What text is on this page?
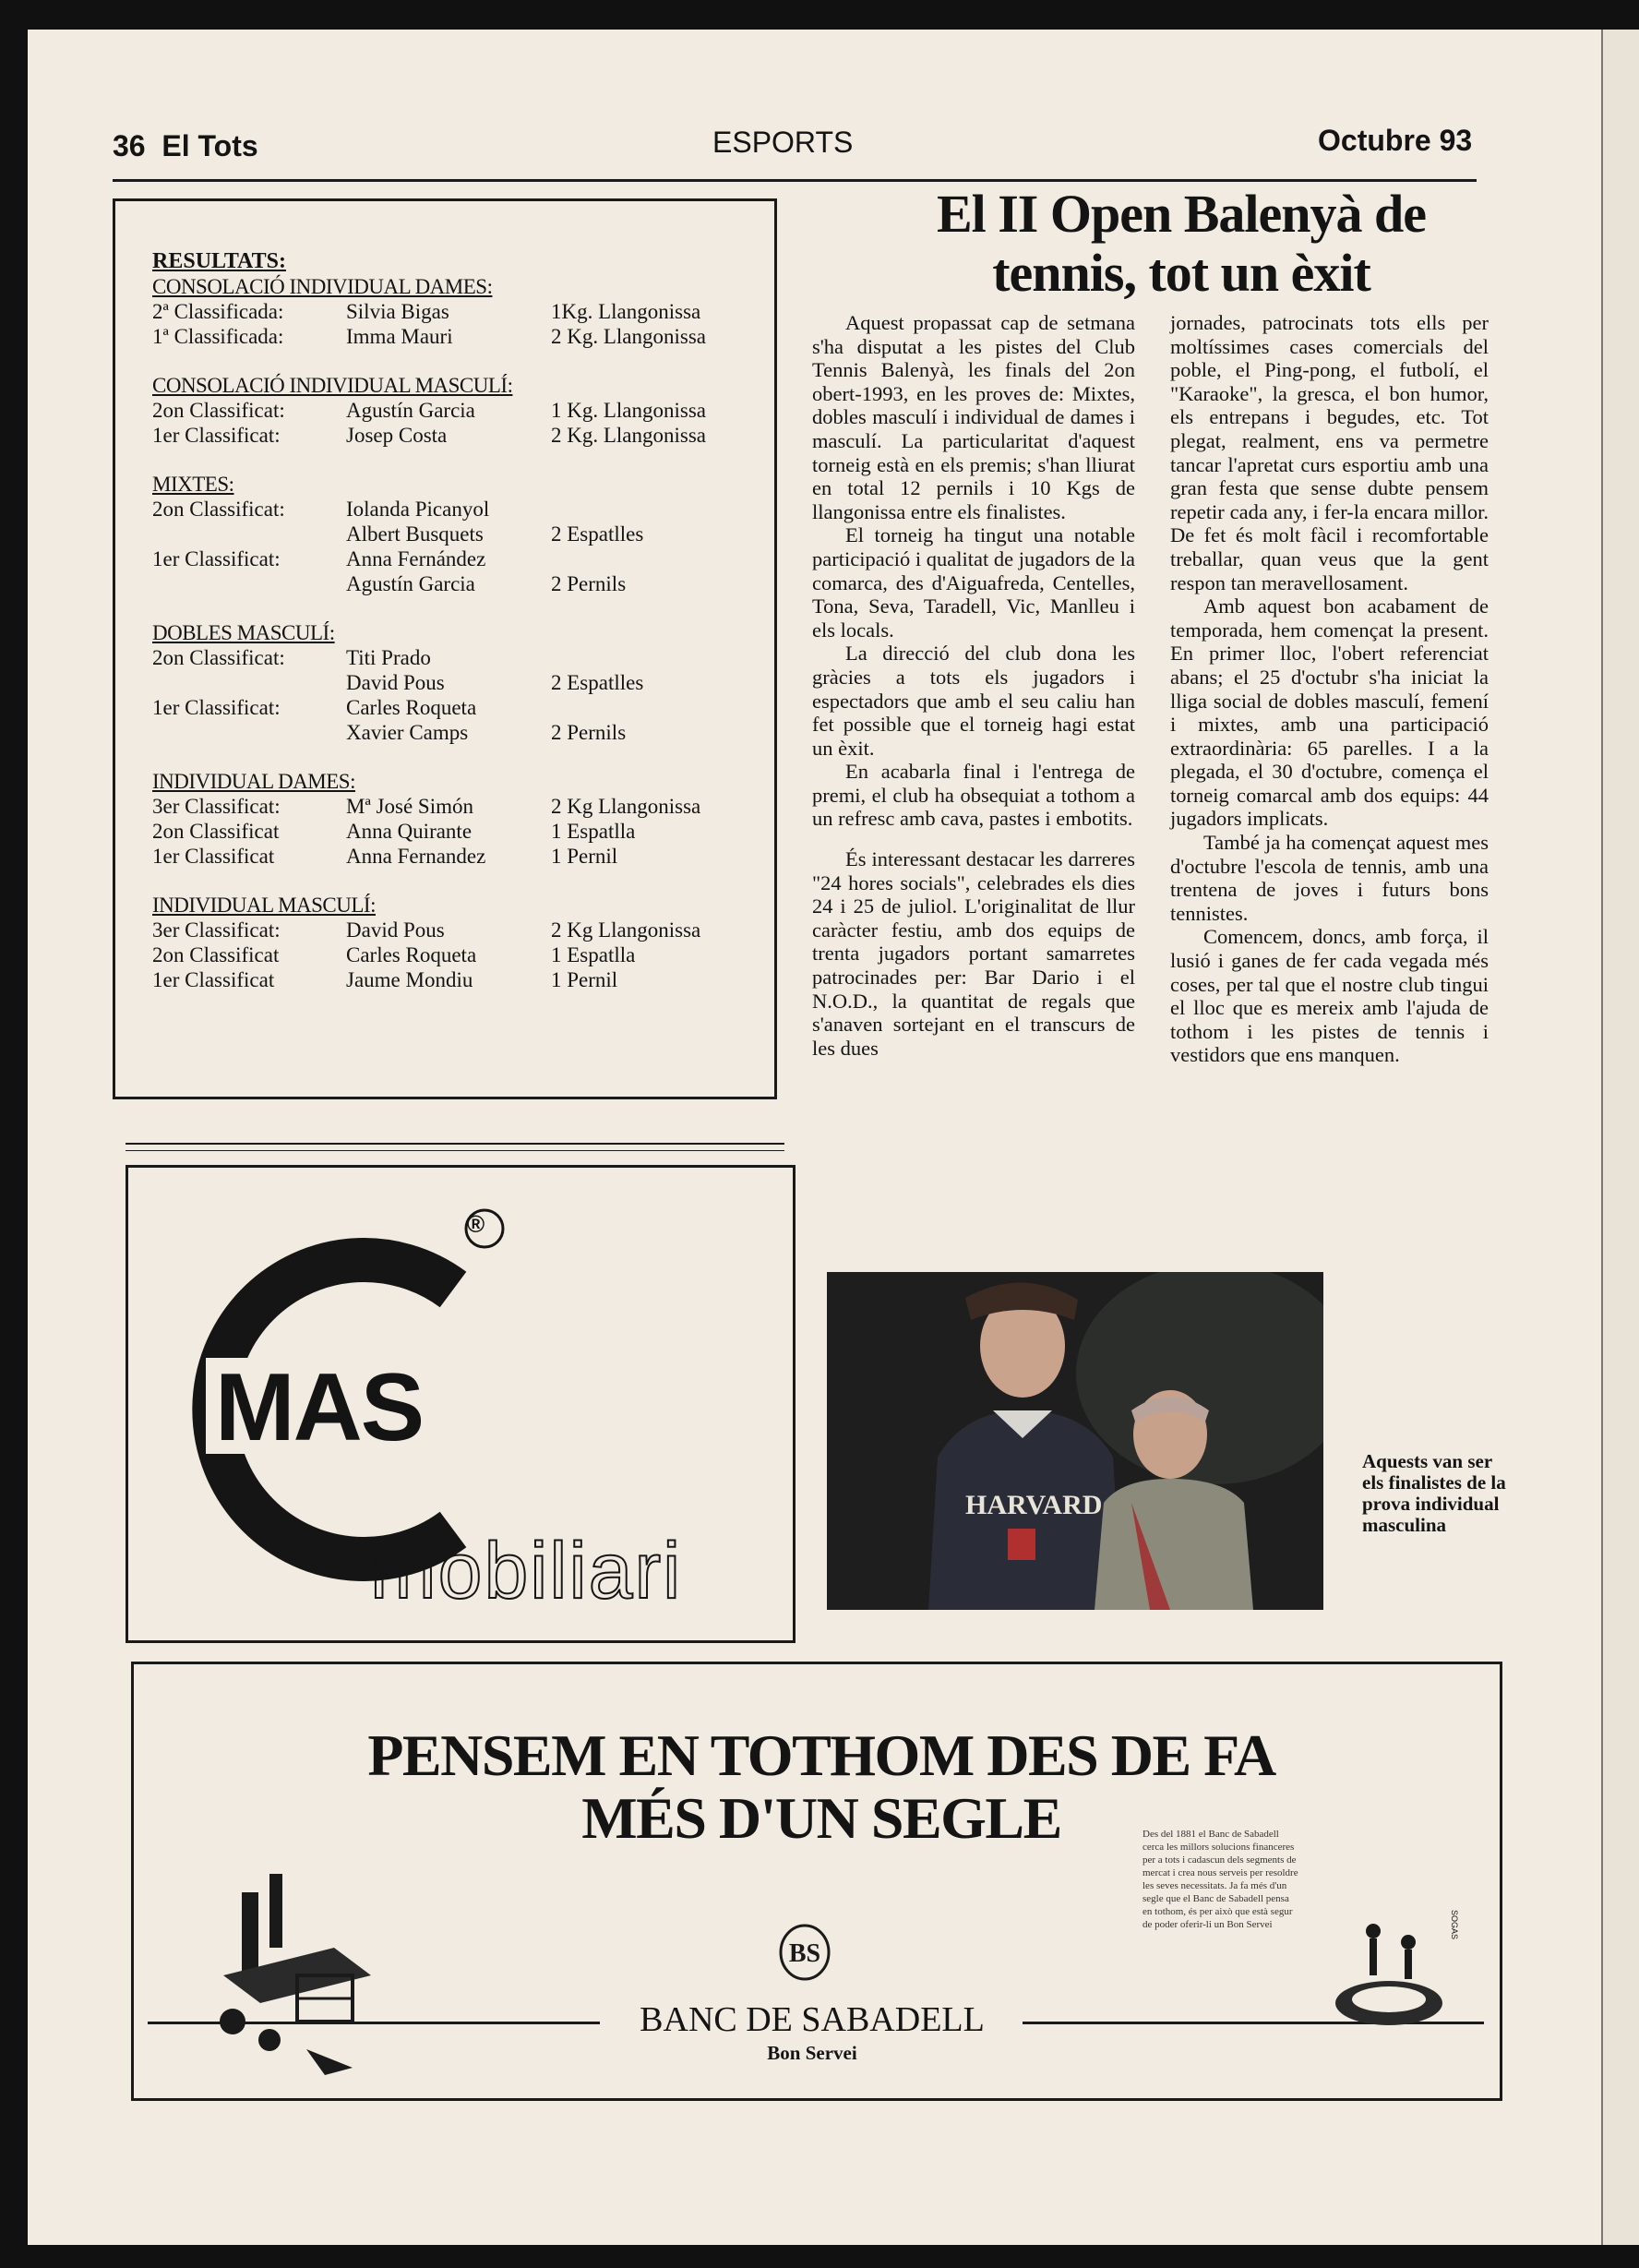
36 El Tots	ESPORTS	Octubre 93
RESULTATS:
CONSOLACIÓ INDIVIDUAL DAMES:
2ª Classificada:	Silvia Bigas	1Kg. Llangonissa
1ª Classificada:	Imma Mauri	2 Kg. Llangonissa
CONSOLACIÓ INDIVIDUAL MASCULÍ:
2on Classificat:	Agustín Garcia	1 Kg. Llangonissa
1er Classificat:	Josep Costa	2 Kg. Llangonissa
MIXTES:
2on Classificat:	Iolanda Picanyol
Albert Busquets	2 Espatlles
1er Classificat:	Anna Fernández
Agustín Garcia	2 Pernils
DOBLES MASCULÍ:
2on Classificat:	Titi Prado
David Pous	2 Espatlles
1er Classificat:	Carles Roqueta
Xavier Camps	2 Pernils
INDIVIDUAL DAMES:
3er Classificat:	Mª José Simón	2 Kg Llangonissa
2on Classificat	Anna Quirante	1 Espatlla
1er Classificat	Anna Fernandez	1 Pernil
INDIVIDUAL MASCULÍ:
3er Classificat:	David Pous	2 Kg Llangonissa
2on Classificat	Carles Roqueta	1 Espatlla
1er Classificat	Jaume Mondiu	1 Pernil
El II Open Balenyà de
tennis, tot un èxit

Aquest propassat cap de setmana s'ha disputat a les pistes del Club Tennis Balenyà, les finals del 2on obert-1993, en les proves de: Mixtes, dobles masculí i individual de dames i masculí. La particularitat d'aquest torneig està en els premis; s'han lliurat en total 12 pernils i 10 Kgs de llangonissa entre els finalistes.

El torneig ha tingut una notable participació i qualitat de jugadors de la comarca, des d'Aiguafreda, Centelles, Tona, Seva, Taradell, Vic, Manlleu i els locals.

La direcció del club dona les gràcies a tots els jugadors i espectadors que amb el seu caliu han fet possible que el torneig hagi estat un èxit.

En acabarla final i l'entrega de premi, el club ha obsequiat a tothom a un refresc amb cava, pastes i embotits.

És interessant destacar les darreres "24 hores socials", celebrades els dies 24 i 25 de juliol. L'originalitat de llur caràcter festiu, amb dos equips de trenta jugadors portant samarretes patrocinades per: Bar Dario i el N.O.D., la quantitat de regals que s'anaven sortejant en el transcurs de les dues

jornades, patrocinats tots ells per moltíssimes cases comercials del poble, el Ping-pong, el futbolí, el "Karaoke", la gresca, el bon humor, els entrepans i begudes, etc. Tot plegat, realment, ens va permetre tancar l'apretat curs esportiu amb una gran festa que sense dubte pensem repetir cada any, i fer-la encara millor. De fet és molt fàcil i recomfortable treballar, quan veus que la gent respon tan meravellosament.

Amb aquest bon acabament de temporada, hem començat la present. En primer lloc, l'obert referenciat abans; el 25 d'octubr s'ha iniciat la lliga social de dobles masculí, femení i mixtes, amb una participació extraordinària: 65 parelles. I a la plegada, el 30 d'octubre, comença el torneig comarcal amb dos equips: 44 jugadors implicats.

També ja ha començat aquest mes d'octubre l'escola de tennis, amb una trentena de joves i futurs bons tennistes.

Comencem, doncs, amb força, il lusió i ganes de fer cada vegada més coses, per tal que el nostre club tingui el lloc que es mereix amb l'ajuda de tothom i les pistes de tennis i vestidors que ens manquen.

®
MAS
mobiliari
HARVARD
Aquests van ser els finalistes de la prova individual masculina
PENSEM EN TOTHOM DES DE FA
MÉS D'UN SEGLE
BS
BANC DE SABADELL
Bon Servei
Des del 1881 el Banc de Sabadell cerca les millors solucions financeres per a tots i cadascun dels segments de mercat i crea nous serveis per resoldre les seves necessitats. Ja fa més d'un segle que el Banc de Sabadell pensa en tothom, és per això que està segur de poder oferir-li un Bon Servei	SOGAS
